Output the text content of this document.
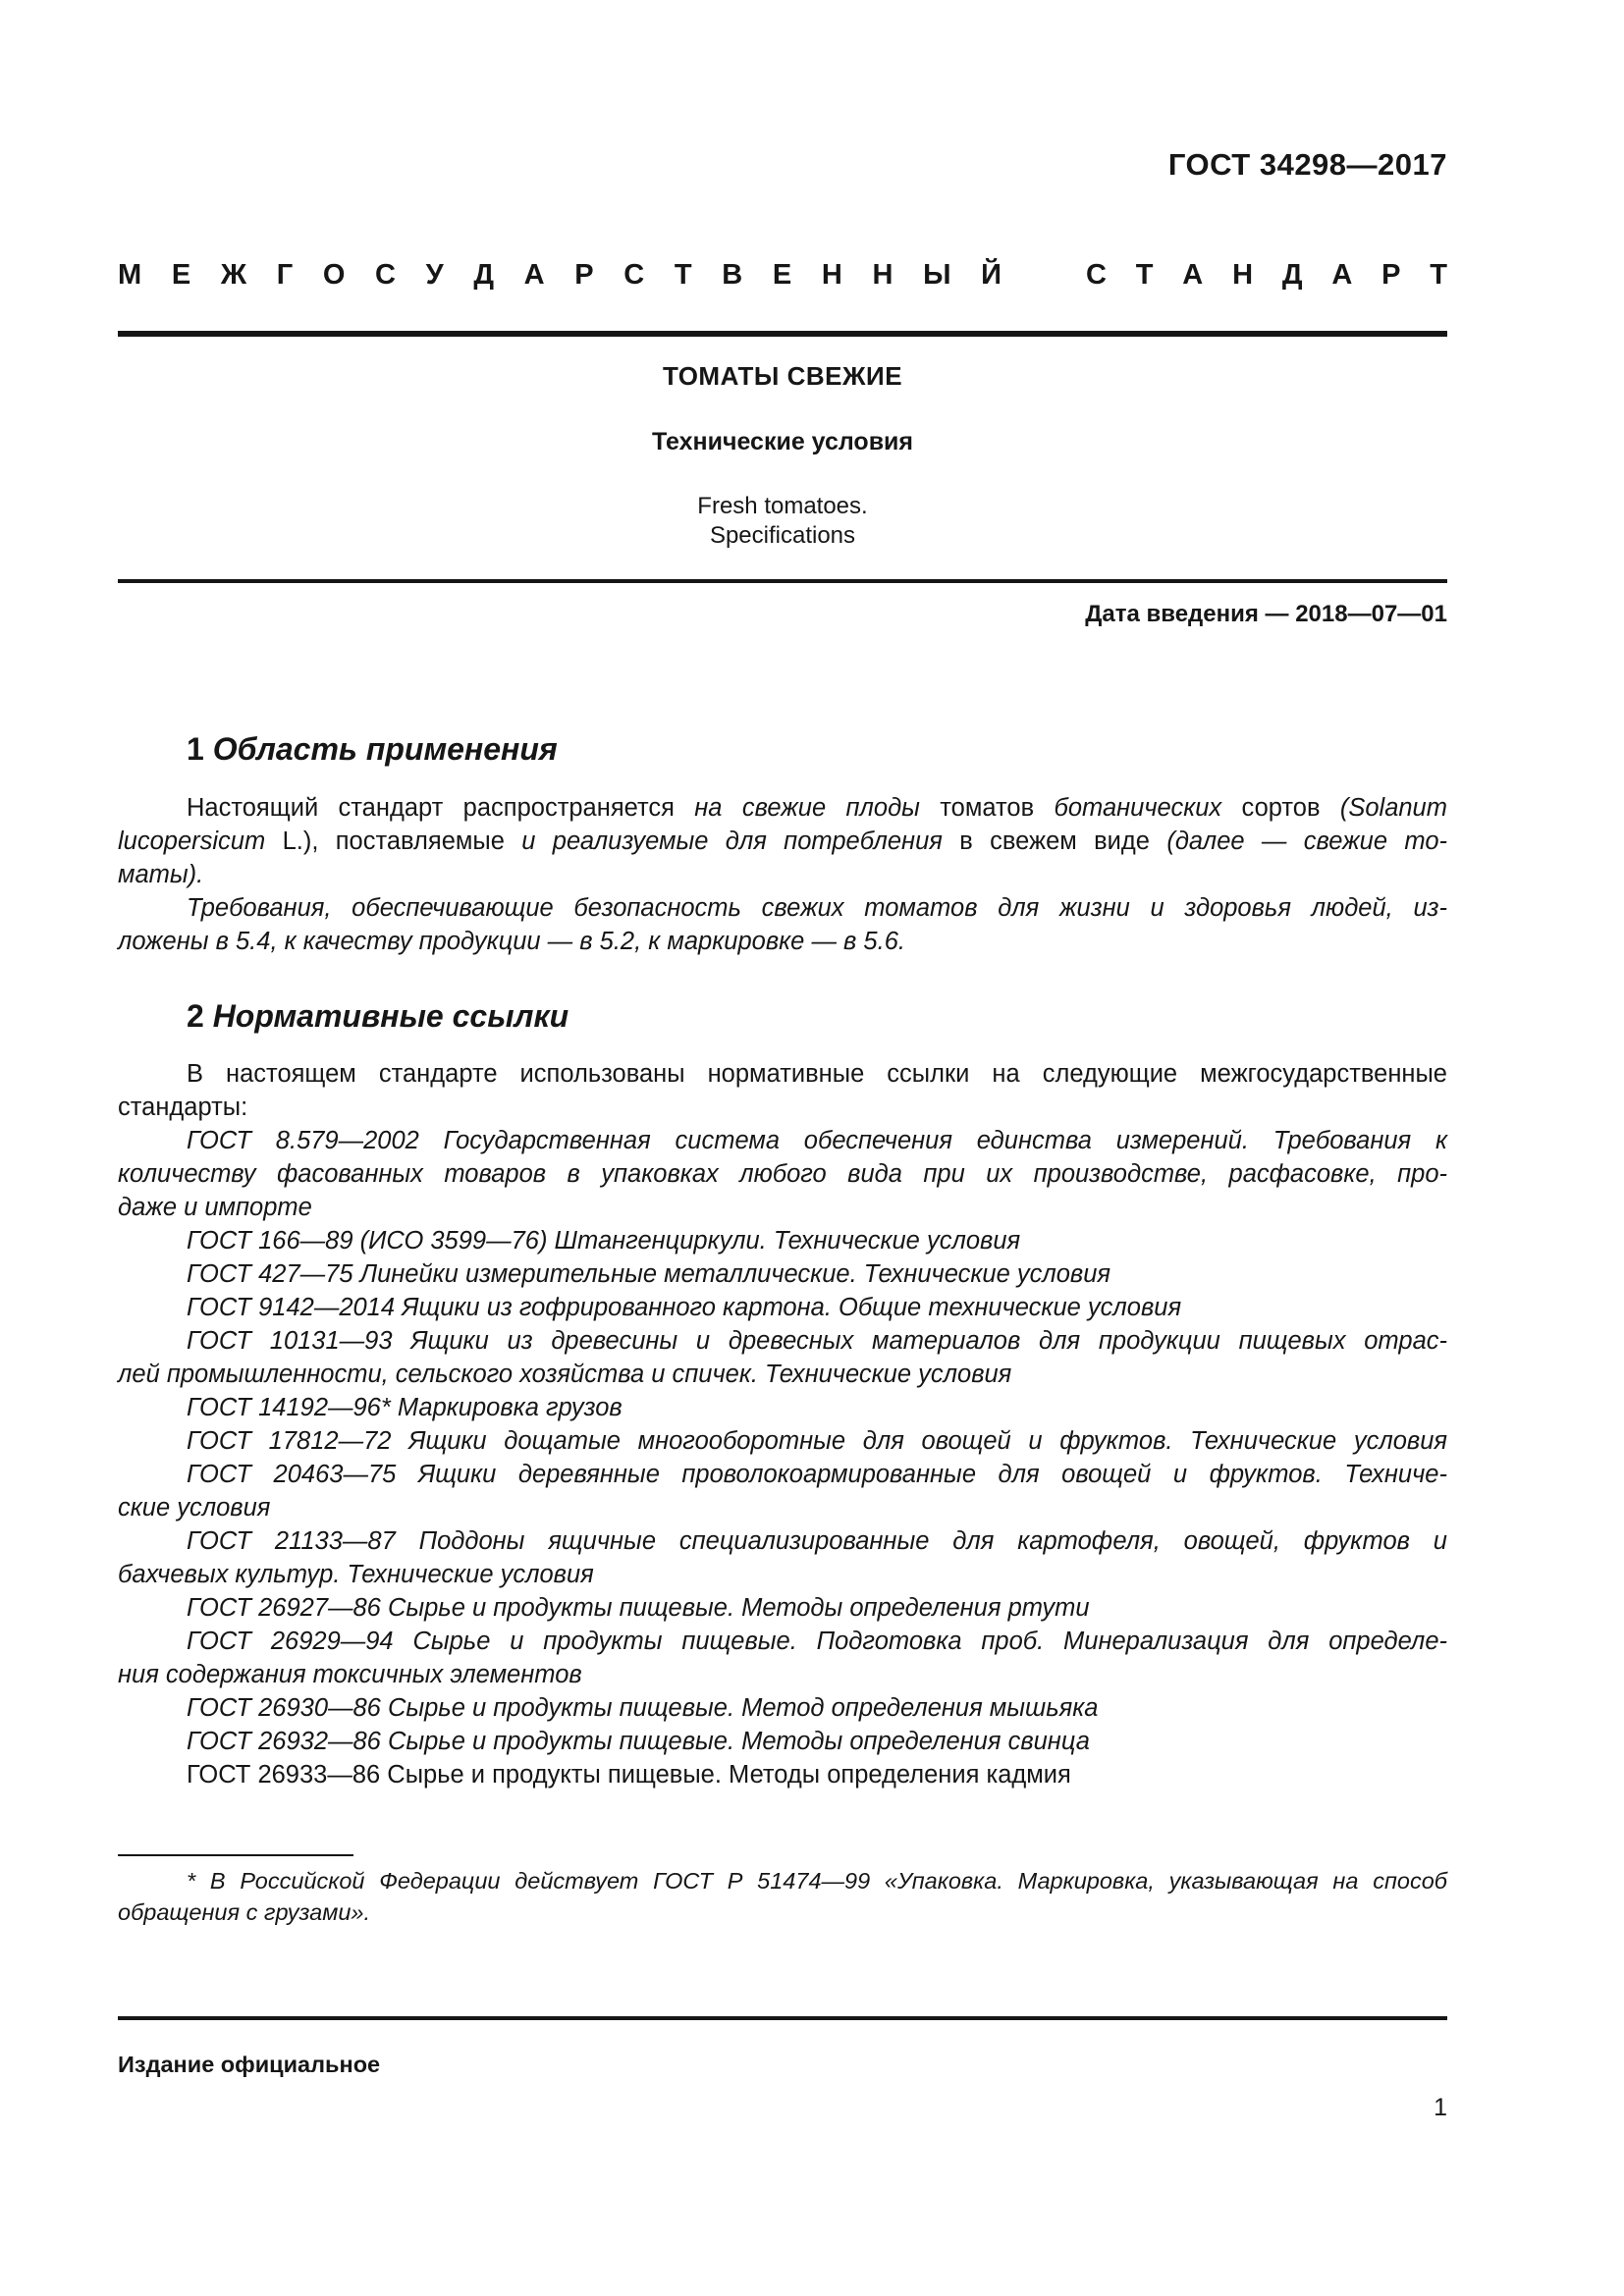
ГОСТ 34298—2017
М Е Ж Г О С У Д А Р С Т В Е Н Н Ы Й	С Т А Н Д А Р Т
ТОМАТЫ СВЕЖИЕ
Технические условия
Fresh tomatoes.
Specifications
Дата введения — 2018—07—01
1 Область применения
Настоящий стандарт распространяется на свежие плоды томатов ботанических сортов (Solanum
lucopersicum L.), поставляемые и реализуемые для потребления в свежем виде (далее — свежие то-
маты).
Требования, обеспечивающие безопасность свежих томатов для жизни и здоровья людей, из-
ложены в 5.4, к качеству продукции — в 5.2, к маркировке — в 5.6.
2 Нормативные ссылки
В настоящем стандарте использованы нормативные ссылки на следующие межгосударственные
стандарты:
ГОСТ 8.579—2002 Государственная система обеспечения единства измерений. Требования к
количеству фасованных товаров в упаковках любого вида при их производстве, расфасовке, про-
даже и импорте
ГОСТ 166—89 (ИСО 3599—76) Штангенциркули. Технические условия
ГОСТ 427—75 Линейки измерительные металлические. Технические условия
ГОСТ 9142—2014 Ящики из гофрированного картона. Общие технические условия
ГОСТ 10131—93 Ящики из древесины и древесных материалов для продукции пищевых отрас-
лей промышленности, сельского хозяйства и спичек. Технические условия
ГОСТ 14192—96* Маркировка грузов
ГОСТ 17812—72 Ящики дощатые многооборотные для овощей и фруктов. Технические условия
ГОСТ 20463—75 Ящики деревянные проволокоармированные для овощей и фруктов. Техниче-
ские условия
ГОСТ 21133—87 Поддоны ящичные специализированные для картофеля, овощей, фруктов и
бахчевых культур. Технические условия
ГОСТ 26927—86 Сырье и продукты пищевые. Методы определения ртути
ГОСТ 26929—94 Сырье и продукты пищевые. Подготовка проб. Минерализация для определе-
ния содержания токсичных элементов
ГОСТ 26930—86 Сырье и продукты пищевые. Метод определения мышьяка
ГОСТ 26932—86 Сырье и продукты пищевые. Методы определения свинца
ГОСТ 26933—86 Сырье и продукты пищевые. Методы определения кадмия
* В Российской Федерации действует ГОСТ Р 51474—99 «Упаковка. Маркировка, указывающая на способ
обращения с грузами».
Издание официальное
1
